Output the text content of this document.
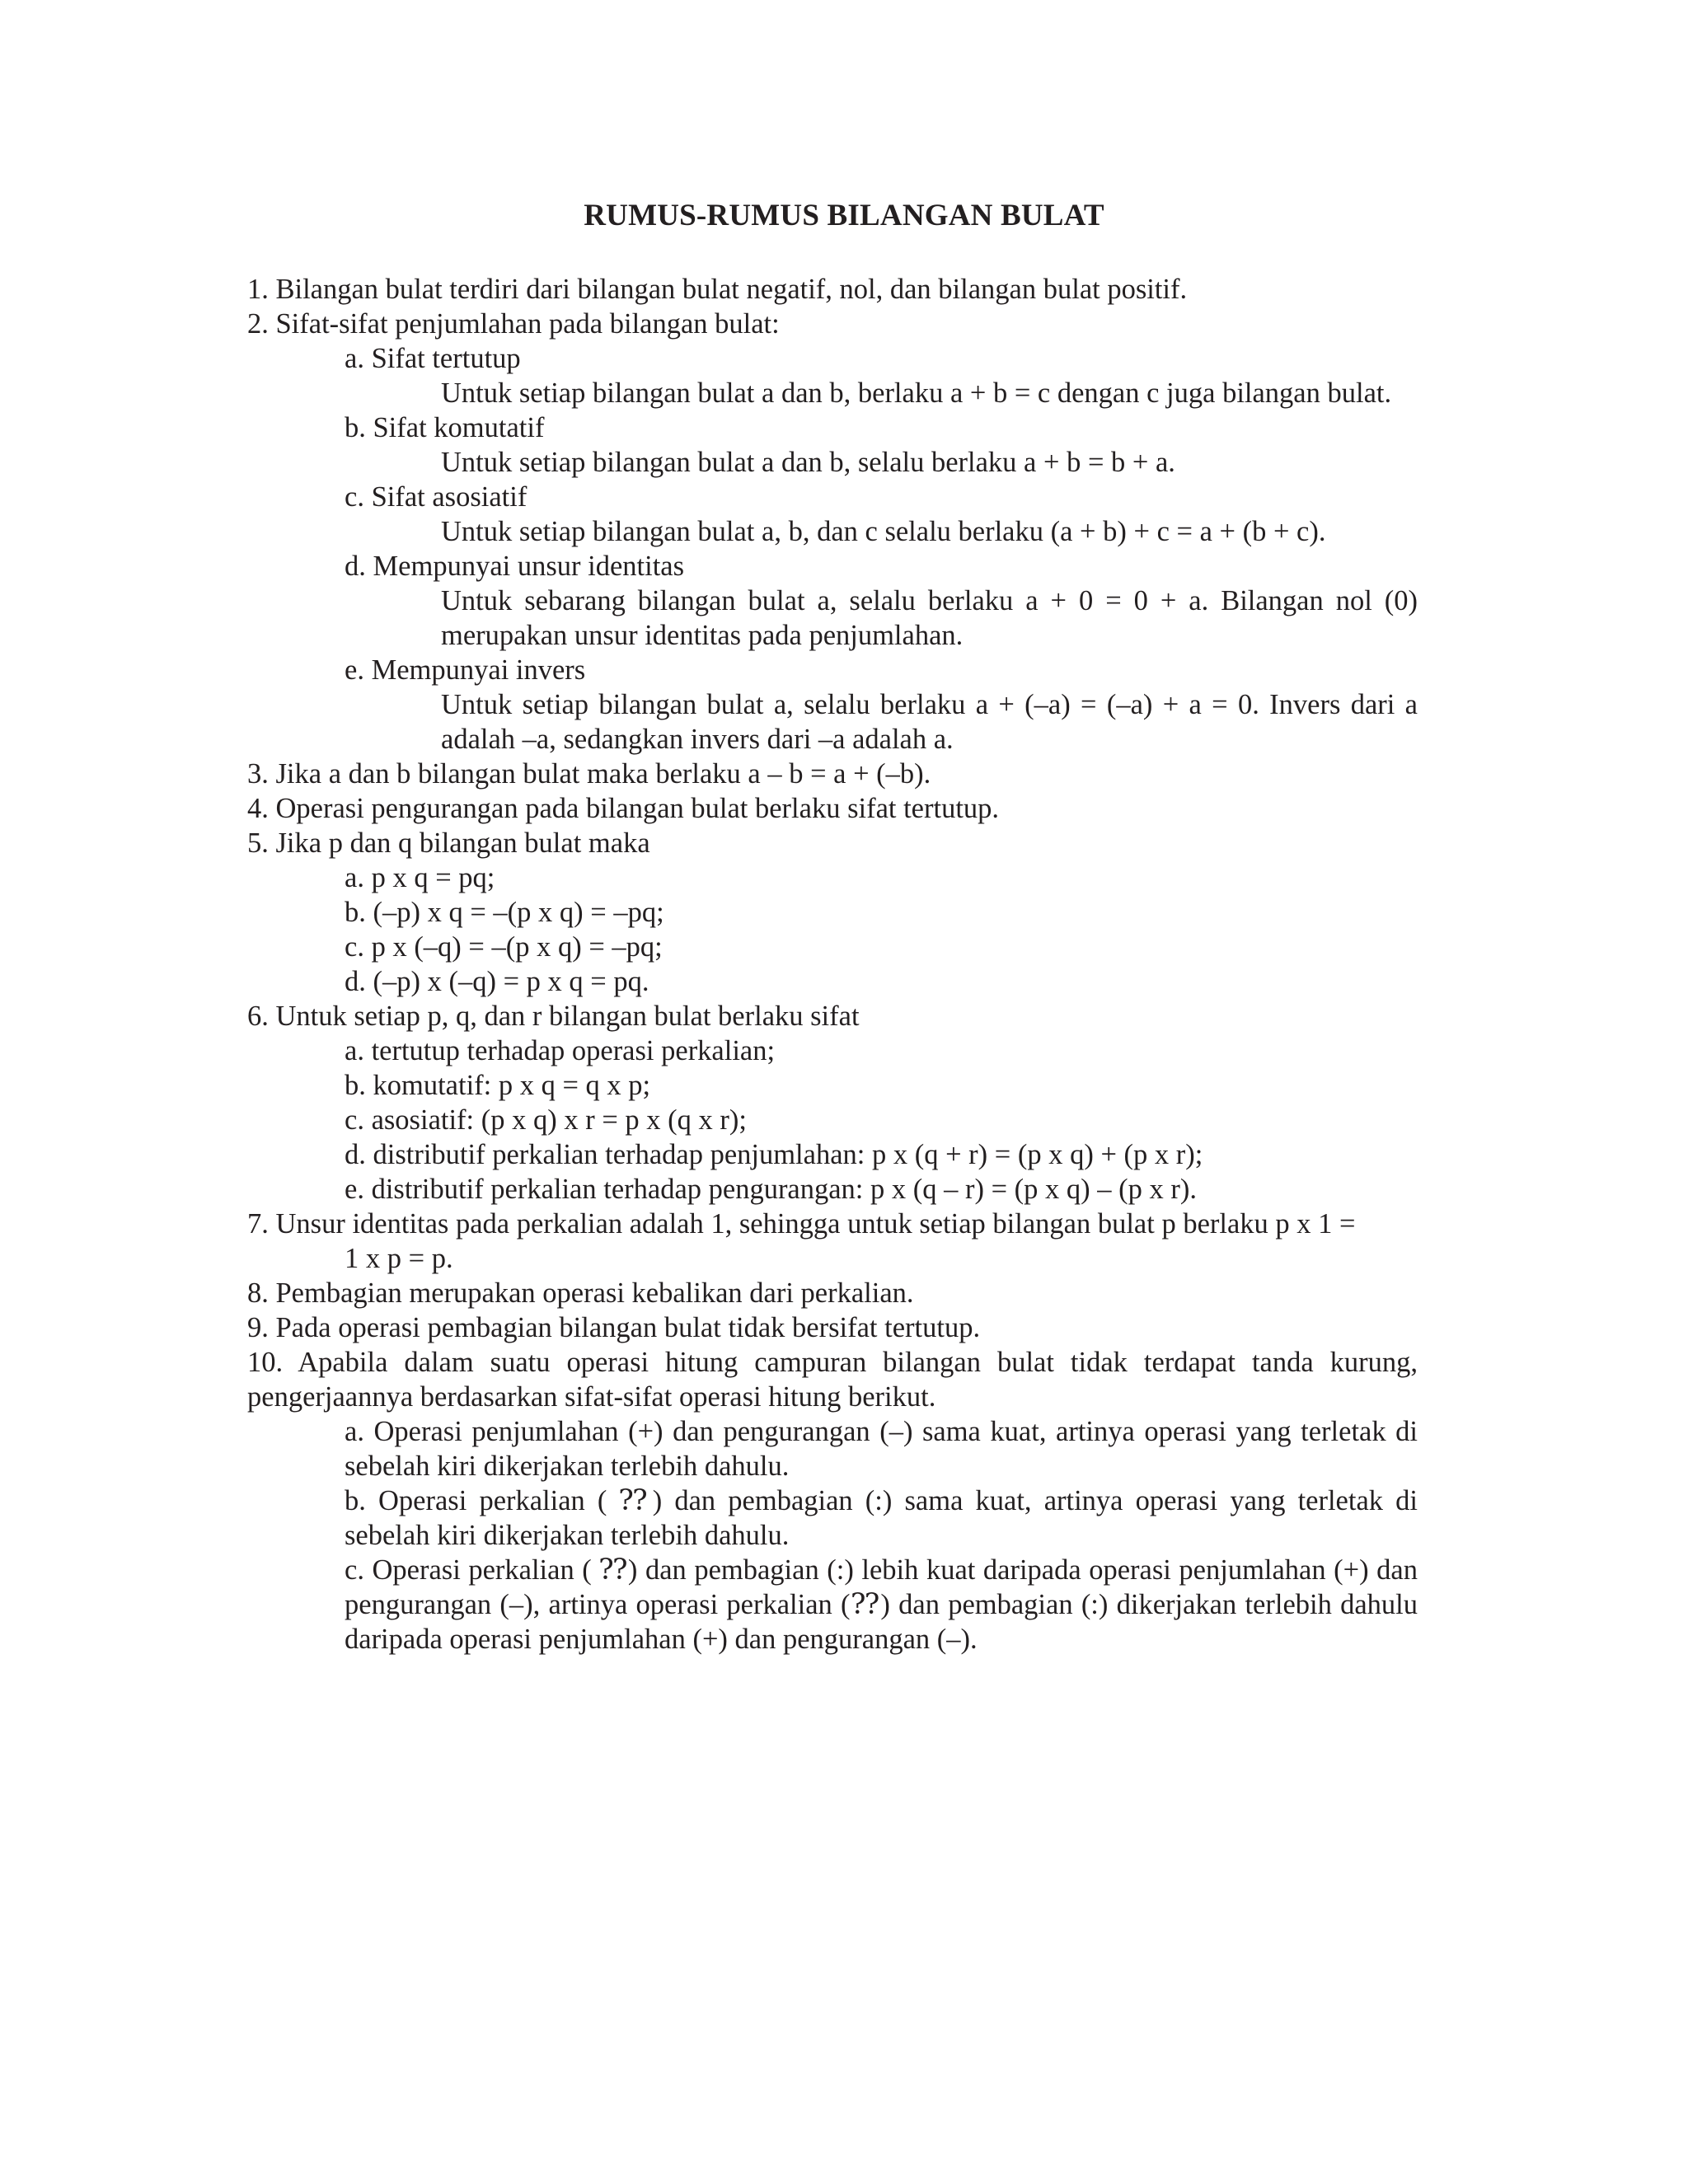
RUMUS-RUMUS BILANGAN BULAT

1. Bilangan bulat terdiri dari bilangan bulat negatif, nol, dan bilangan bulat positif.

2. Sifat-sifat penjumlahan pada bilangan bulat:

a. Sifat tertutup

Untuk setiap bilangan bulat a dan b, berlaku a + b = c dengan c juga bilangan bulat.

b. Sifat komutatif

Untuk setiap bilangan bulat a dan b, selalu berlaku a + b = b + a.

c. Sifat asosiatif

Untuk setiap bilangan bulat a, b, dan c selalu berlaku (a + b) + c = a + (b + c).

d. Mempunyai unsur identitas

Untuk sebarang bilangan bulat a, selalu berlaku a + 0 = 0 + a. Bilangan nol (0) merupakan unsur identitas pada penjumlahan.

e. Mempunyai invers

Untuk setiap bilangan bulat a, selalu berlaku a + (–a) = (–a) + a = 0. Invers dari a adalah –a, sedangkan invers dari –a adalah a.

3. Jika a dan b bilangan bulat maka berlaku a – b = a + (–b).

4. Operasi pengurangan pada bilangan bulat berlaku sifat tertutup.

5. Jika p dan q bilangan bulat maka

a. p x q = pq;

b. (–p) x q = –(p x q) = –pq;

c. p x (–q) = –(p x q) = –pq;

d. (–p) x (–q) = p x q = pq.

6. Untuk setiap p, q, dan r bilangan bulat berlaku sifat

a. tertutup terhadap operasi perkalian;

b. komutatif: p x q = q x p;

c. asosiatif: (p x q) x r = p x (q x r);

d. distributif perkalian terhadap penjumlahan: p x (q + r) = (p x q) + (p x r);

e. distributif perkalian terhadap pengurangan: p x (q – r) = (p x q) – (p x r).

7. Unsur identitas pada perkalian adalah 1, sehingga untuk setiap bilangan bulat p berlaku p x 1 =

1 x p = p.

8. Pembagian merupakan operasi kebalikan dari perkalian.

9. Pada operasi pembagian bilangan bulat tidak bersifat tertutup.

10. Apabila dalam suatu operasi hitung campuran bilangan bulat tidak terdapat tanda kurung, pengerjaannya berdasarkan sifat-sifat operasi hitung berikut.

a. Operasi penjumlahan (+) dan pengurangan (–) sama kuat, artinya operasi yang terletak di sebelah kiri dikerjakan terlebih dahulu.

b. Operasi perkalian ( ⁇) dan pembagian (:) sama kuat, artinya operasi yang terletak di sebelah kiri dikerjakan terlebih dahulu.

c. Operasi perkalian ( ⁇) dan pembagian (:) lebih kuat daripada operasi penjumlahan (+) dan pengurangan (–), artinya operasi perkalian (⁇) dan pembagian (:) dikerjakan terlebih dahulu daripada operasi penjumlahan (+) dan pengurangan (–).
